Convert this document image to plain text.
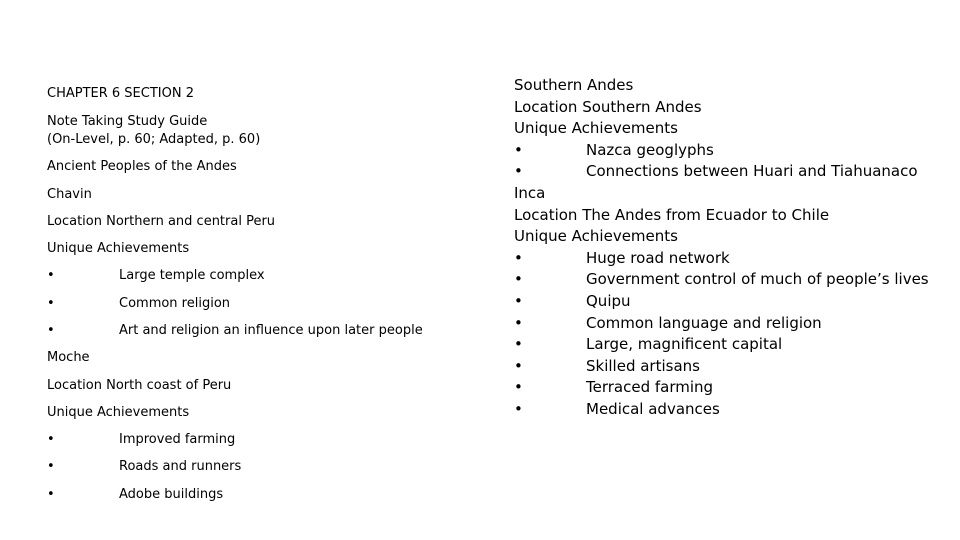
CHAPTER 6 SECTION 2
Note Taking Study Guide
(On-Level, p. 60; Adapted, p. 60)
Ancient Peoples of the Andes
Chavin
Location Northern and central Peru
Unique Achievements
•	Large temple complex
•	Common religion
•	Art and religion an influence upon later people
Moche
Location North coast of Peru
Unique Achievements
•	Improved farming
•	Roads and runners
•	Adobe buildings
Southern Andes
Location Southern Andes
Unique Achievements
•	Nazca geoglyphs
•	Connections between Huari and Tiahuanaco
Inca
Location The Andes from Ecuador to Chile
Unique Achievements
•	Huge road network
•	Government control of much of people’s lives
•	Quipu
•	Common language and religion
•	Large, magnificent capital
•	Skilled artisans
•	Terraced farming
•	Medical advances
